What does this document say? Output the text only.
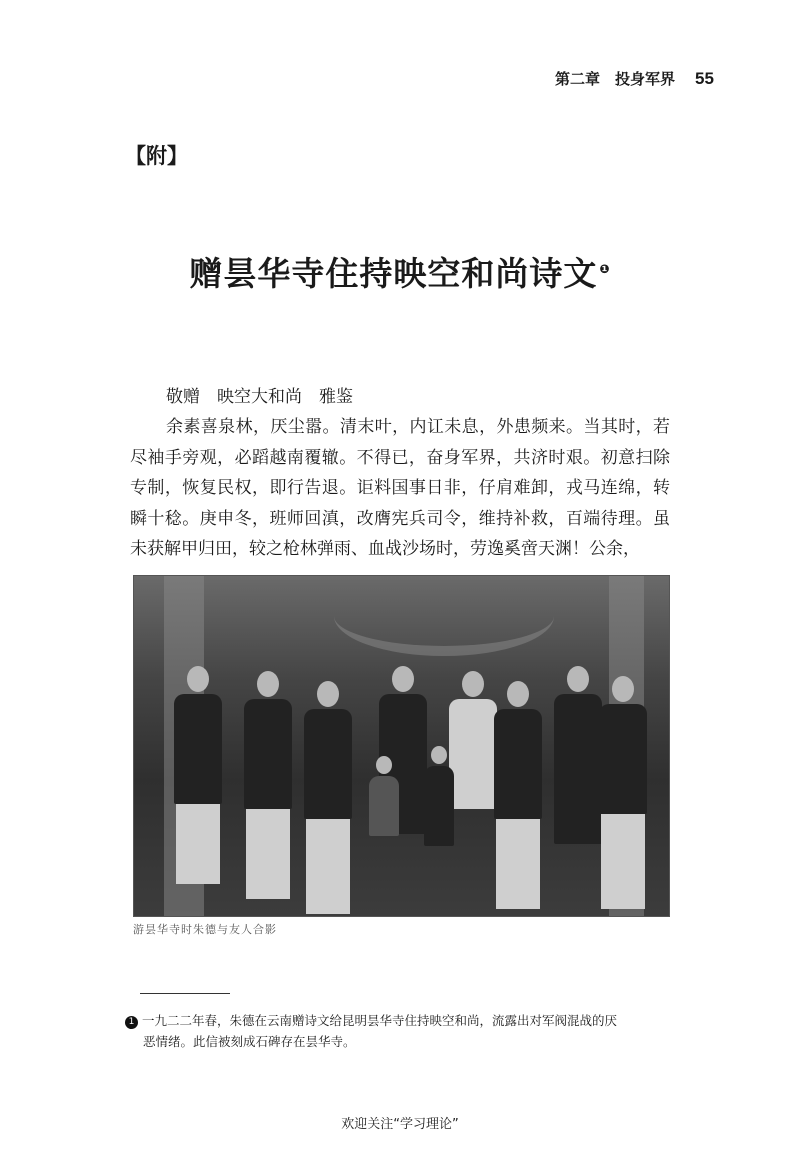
第二章　投身军界 55
【附】
赠昙华寺住持映空和尚诗文 $^❶$

敬赠　映空大和尚　雅鉴

余素喜泉林，厌尘嚣。清末叶，内讧未息，外患频来。当其时，若尽袖手旁观，必蹈越南覆辙。不得已，奋身军界，共济时艰。初意扫除专制，恢复民权，即行告退。讵料国事日非，仔肩难卸，戎马连绵，转瞬十稔。庚申冬，班师回滇，改膺宪兵司令，维持补救，百端待理。虽未获解甲归田，较之枪林弹雨、血战沙场时，劳逸奚啻天渊！公余，

游昙华寺时朱德与友人合影
1 一九二二年春，朱德在云南赠诗文给昆明昙华寺住持映空和尚，流露出对军阀混战的厌
恶情绪。此信被刻成石碑存在昙华寺。
欢迎关注“学习理论”
